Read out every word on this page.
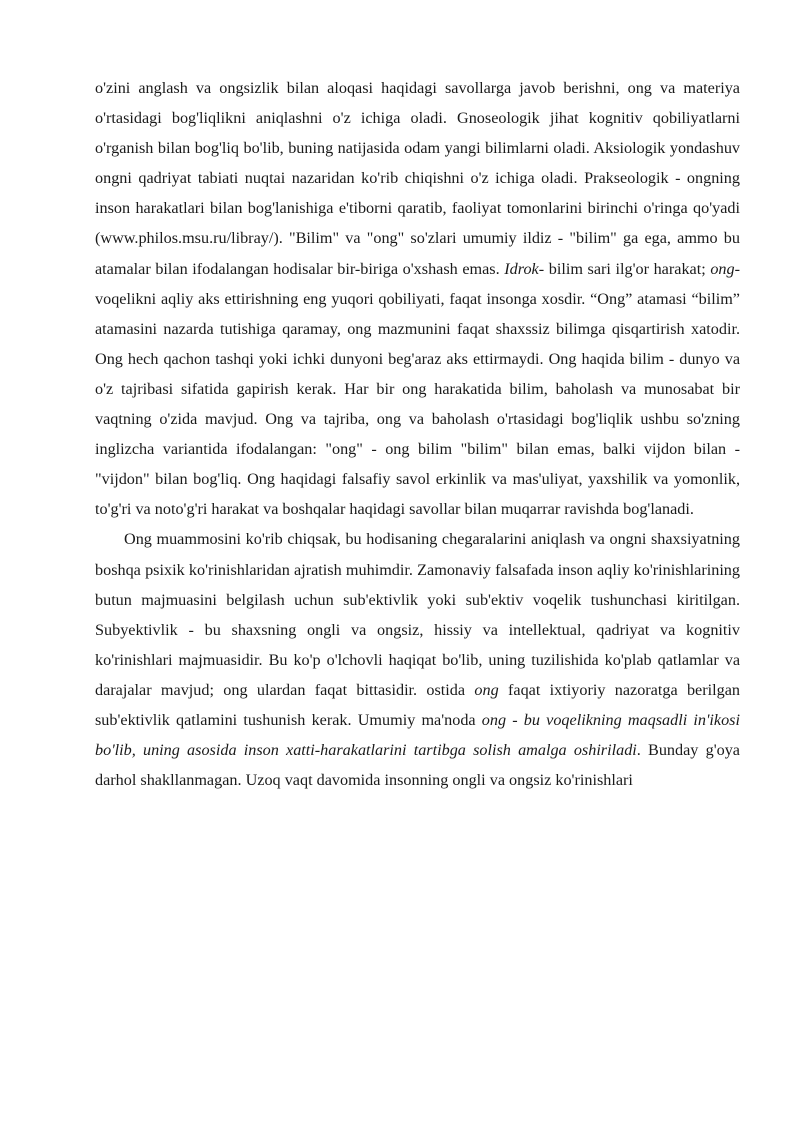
o'zini anglash va ongsizlik bilan aloqasi haqidagi savollarga javob berishni, ong va materiya o'rtasidagi bog'liqlikni aniqlashni o'z ichiga oladi. Gnoseologik jihat kognitiv qobiliyatlarni o'rganish bilan bog'liq bo'lib, buning natijasida odam yangi bilimlarni oladi. Aksiologik yondashuv ongni qadriyat tabiati nuqtai nazaridan ko'rib chiqishni o'z ichiga oladi. Prakseologik - ongning inson harakatlari bilan bog'lanishiga e'tiborni qaratib, faoliyat tomonlarini birinchi o'ringa qo'yadi (www.philos.msu.ru/libray/). "Bilim" va "ong" so'zlari umumiy ildiz - "bilim" ga ega, ammo bu atamalar bilan ifodalangan hodisalar bir-biriga o'xshash emas. Idrok- bilim sari ilg'or harakat; ong- voqelikni aqliy aks ettirishning eng yuqori qobiliyati, faqat insonga xosdir. “Ong” atamasi “bilim” atamasini nazarda tutishiga qaramay, ong mazmunini faqat shaxssiz bilimga qisqartirish xatodir. Ong hech qachon tashqi yoki ichki dunyoni beg'araz aks ettirmaydi. Ong haqida bilim - dunyo va o'z tajribasi sifatida gapirish kerak. Har bir ong harakatida bilim, baholash va munosabat bir vaqtning o'zida mavjud. Ong va tajriba, ong va baholash o'rtasidagi bog'liqlik ushbu so'zning inglizcha variantida ifodalangan: "ong" - ong bilim "bilim" bilan emas, balki vijdon bilan - "vijdon" bilan bog'liq. Ong haqidagi falsafiy savol erkinlik va mas'uliyat, yaxshilik va yomonlik, to'g'ri va noto'g'ri harakat va boshqalar haqidagi savollar bilan muqarrar ravishda bog'lanadi.

Ong muammosini ko'rib chiqsak, bu hodisaning chegaralarini aniqlash va ongni shaxsiyatning boshqa psixik ko'rinishlaridan ajratish muhimdir. Zamonaviy falsafada inson aqliy ko'rinishlarining butun majmuasini belgilash uchun sub'ektivlik yoki sub'ektiv voqelik tushunchasi kiritilgan. Subyektivlik - bu shaxsning ongli va ongsiz, hissiy va intellektual, qadriyat va kognitiv ko'rinishlari majmuasidir. Bu ko'p o'lchovli haqiqat bo'lib, uning tuzilishida ko'plab qatlamlar va darajalar mavjud; ong ulardan faqat bittasidir. ostida ong faqat ixtiyoriy nazoratga berilgan sub'ektivlik qatlamini tushunish kerak. Umumiy ma'noda ong - bu voqelikning maqsadli in'ikosi bo'lib, uning asosida inson xatti-harakatlarini tartibga solish amalga oshiriladi. Bunday g'oya darhol shakllanmagan. Uzoq vaqt davomida insonning ongli va ongsiz ko'rinishlari
